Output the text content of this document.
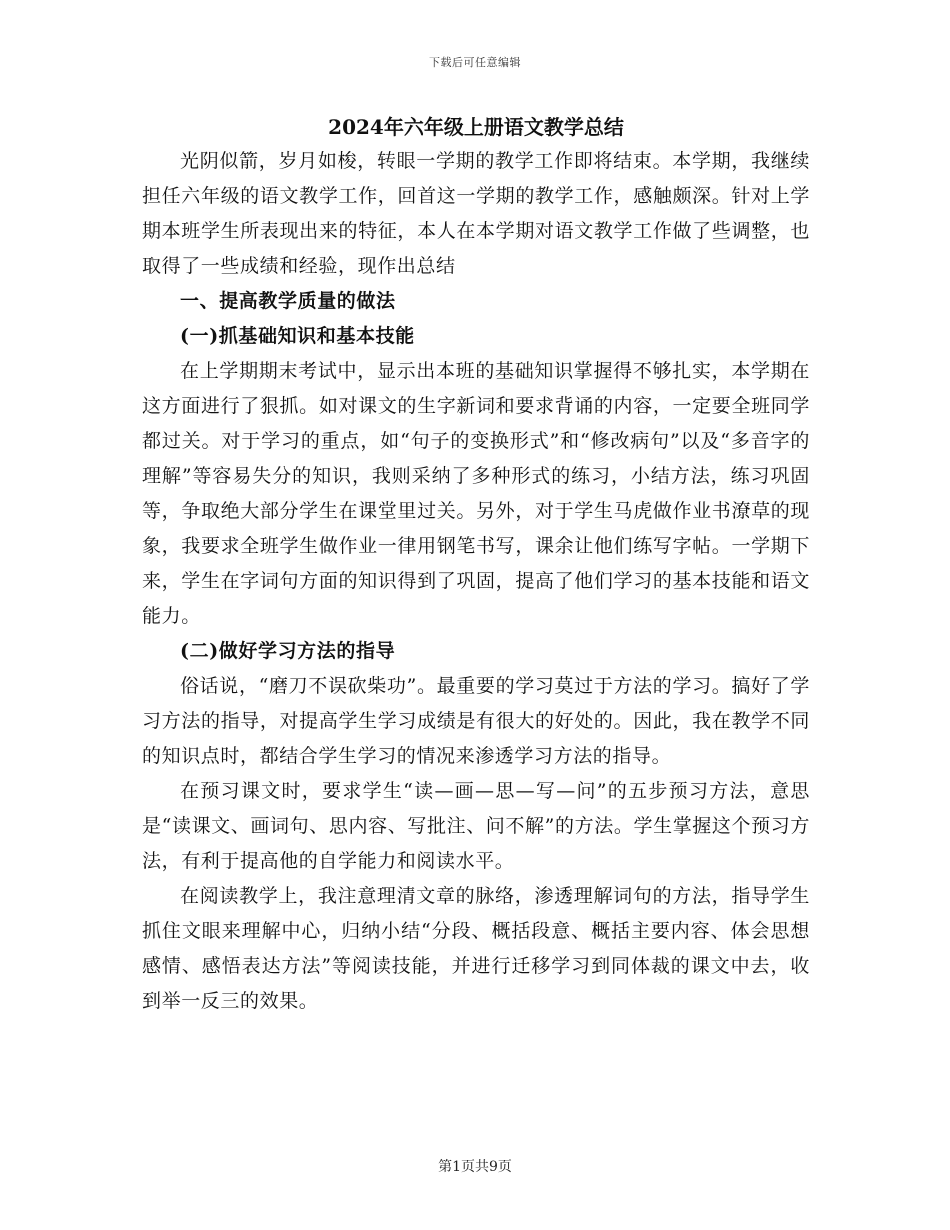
下载后可任意编辑
2024年六年级上册语文教学总结

光阴似箭，岁月如梭，转眼一学期的教学工作即将结束。本学期，我继续担任六年级的语文教学工作，回首这一学期的教学工作，感触颇深。针对上学期本班学生所表现出来的特征，本人在本学期对语文教学工作做了些调整，也取得了一些成绩和经验，现作出总结

一、提高教学质量的做法

(一)抓基础知识和基本技能

在上学期期末考试中，显示出本班的基础知识掌握得不够扎实，本学期在这方面进行了狠抓。如对课文的生字新词和要求背诵的内容，一定要全班同学都过关。对于学习的重点，如“句子的变换形式”和“修改病句”以及“多音字的理解”等容易失分的知识，我则采纳了多种形式的练习，小结方法，练习巩固等，争取绝大部分学生在课堂里过关。另外，对于学生马虎做作业书潦草的现象，我要求全班学生做作业一律用钢笔书写，课余让他们练写字帖。一学期下来，学生在字词句方面的知识得到了巩固，提高了他们学习的基本技能和语文能力。

(二)做好学习方法的指导

俗话说，“磨刀不误砍柴功”。最重要的学习莫过于方法的学习。搞好了学习方法的指导，对提高学生学习成绩是有很大的好处的。因此，我在教学不同的知识点时，都结合学生学习的情况来渗透学习方法的指导。

在预习课文时，要求学生“读—画—思—写—问”的五步预习方法，意思是“读课文、画词句、思内容、写批注、问不解”的方法。学生掌握这个预习方法，有利于提高他的自学能力和阅读水平。

在阅读教学上，我注意理清文章的脉络，渗透理解词句的方法，指导学生抓住文眼来理解中心，归纳小结“分段、概括段意、概括主要内容、体会思想感情、感悟表达方法”等阅读技能，并进行迁移学习到同体裁的课文中去，收到举一反三的效果。

第1页共9页
